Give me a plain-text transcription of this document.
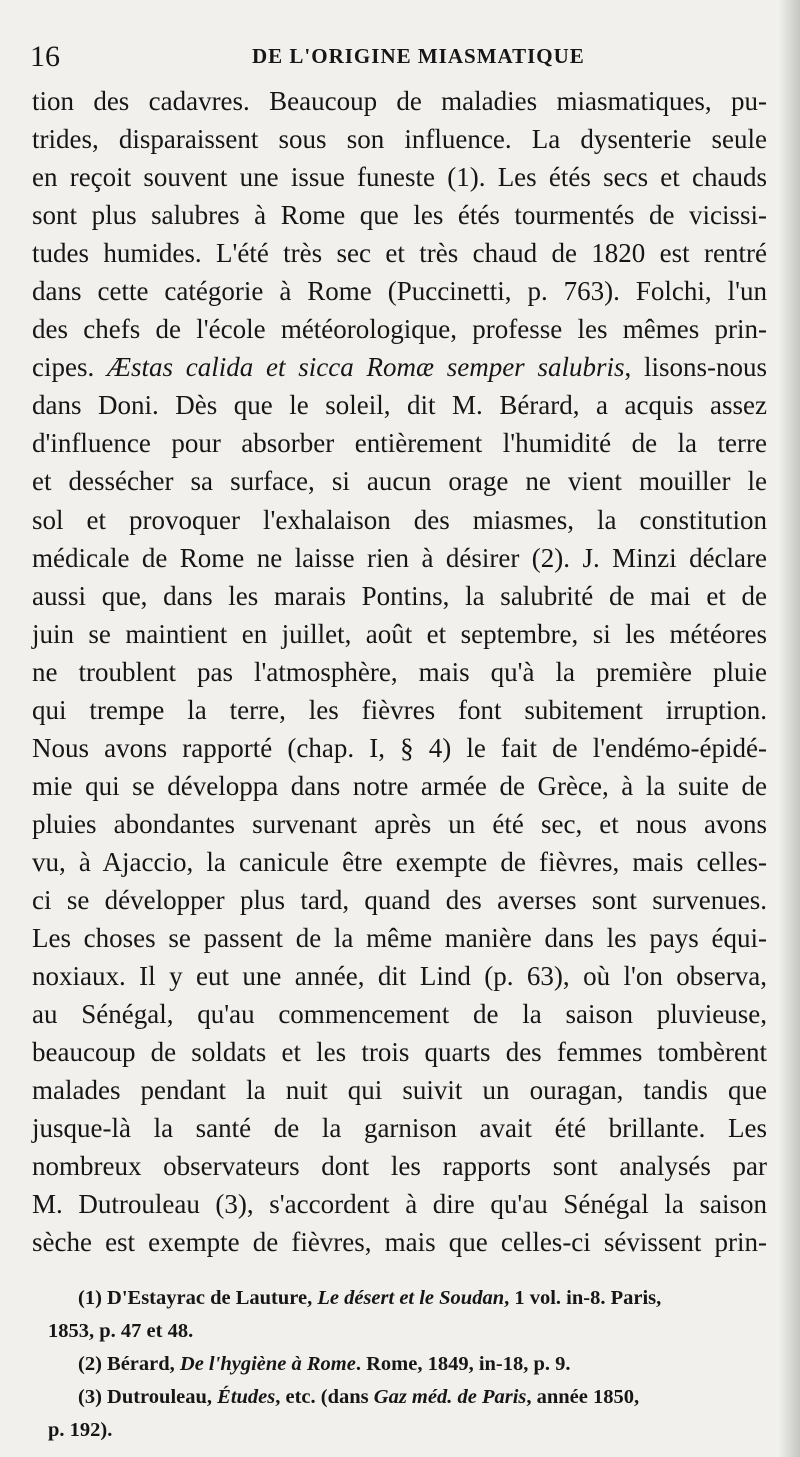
16	DE L'ORIGINE MIASMATIQUE
tion des cadavres. Beaucoup de maladies miasmatiques, pu-
trides, disparaissent sous son influence. La dysenterie seule
en reçoit souvent une issue funeste (1). Les étés secs et chauds
sont plus salubres à Rome que les étés tourmentés de vicissi-
tudes humides. L'été très sec et très chaud de 1820 est rentré
dans cette catégorie à Rome (Puccinetti, p. 763). Folchi, l'un
des chefs de l'école météorologique, professe les mêmes prin-
cipes. Æstas calida et sicca Romæ semper salubris, lisons-nous
dans Doni. Dès que le soleil, dit M. Bérard, a acquis assez
d'influence pour absorber entièrement l'humidité de la terre
et dessécher sa surface, si aucun orage ne vient mouiller le
sol et provoquer l'exhalaison des miasmes, la constitution
médicale de Rome ne laisse rien à désirer (2). J. Minzi déclare
aussi que, dans les marais Pontins, la salubrité de mai et de
juin se maintient en juillet, août et septembre, si les météores
ne troublent pas l'atmosphère, mais qu'à la première pluie
qui trempe la terre, les fièvres font subitement irruption.
Nous avons rapporté (chap. I, § 4) le fait de l'endémo-épidé-
mie qui se développa dans notre armée de Grèce, à la suite de
pluies abondantes survenant après un été sec, et nous avons
vu, à Ajaccio, la canicule être exempte de fièvres, mais celles-
ci se développer plus tard, quand des averses sont survenues.
Les choses se passent de la même manière dans les pays équi-
noxiaux. Il y eut une année, dit Lind (p. 63), où l'on observa,
au Sénégal, qu'au commencement de la saison pluvieuse,
beaucoup de soldats et les trois quarts des femmes tombèrent
malades pendant la nuit qui suivit un ouragan, tandis que
jusque-là la santé de la garnison avait été brillante. Les
nombreux observateurs dont les rapports sont analysés par
M. Dutrouleau (3), s'accordent à dire qu'au Sénégal la saison
sèche est exempte de fièvres, mais que celles-ci sévissent prin-
(1) D'Estayrac de Lauture, Le désert et le Soudan, 1 vol. in-8. Paris,
1853, p. 47 et 48.
(2) Bérard, De l'hygiène à Rome. Rome, 1849, in-18, p. 9.
(3) Dutrouleau, Études, etc. (dans Gaz méd. de Paris, année 1850,
p. 192).
